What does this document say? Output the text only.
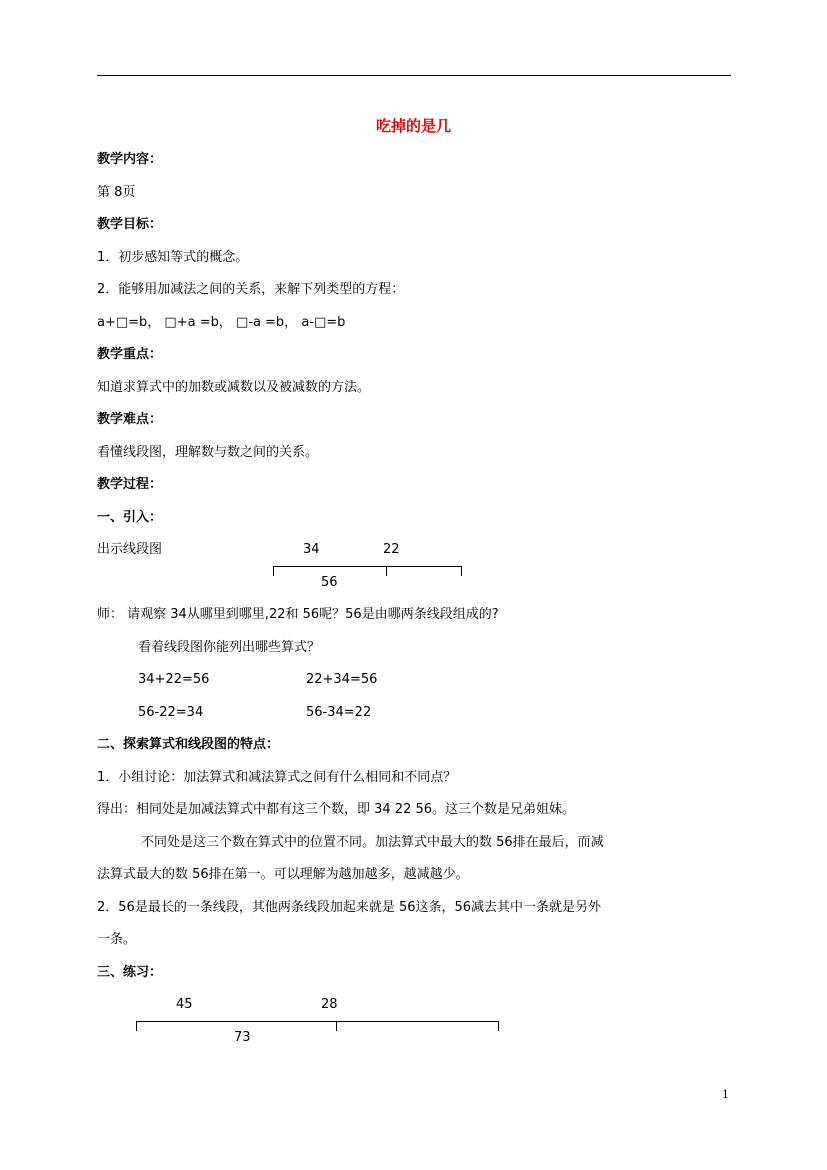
吃掉的是几
教学内容：
第 8页
教学目标：
1．初步感知等式的概念。
2．能够用加减法之间的关系，来解下列类型的方程：
a+□=b， □+a =b， □-a =b， a-□=b
教学重点：
知道求算式中的加数或减数以及被减数的方法。
教学难点：
看懂线段图，理解数与数之间的关系。
教学过程：
一、引入：
出示线段图	34	22
56
师： 请观察 34从哪里到哪里,22和 56呢？56是由哪两条线段组成的?
看着线段图你能列出哪些算式？
34+22=56	22+34=56
56-22=34	56-34=22
二、探索算式和线段图的特点：
1．小组讨论：加法算式和减法算式之间有什么相同和不同点？
得出：相同处是加减法算式中都有这三个数，即 34 22 56。这三个数是兄弟姐妹。
不同处是这三个数在算式中的位置不同。加法算式中最大的数 56排在最后，而减
法算式最大的数 56排在第一。可以理解为越加越多，越减越少。
2．56是最长的一条线段，其他两条线段加起来就是 56这条，56减去其中一条就是另外
一条。
三、练习：
45	28
73
1
